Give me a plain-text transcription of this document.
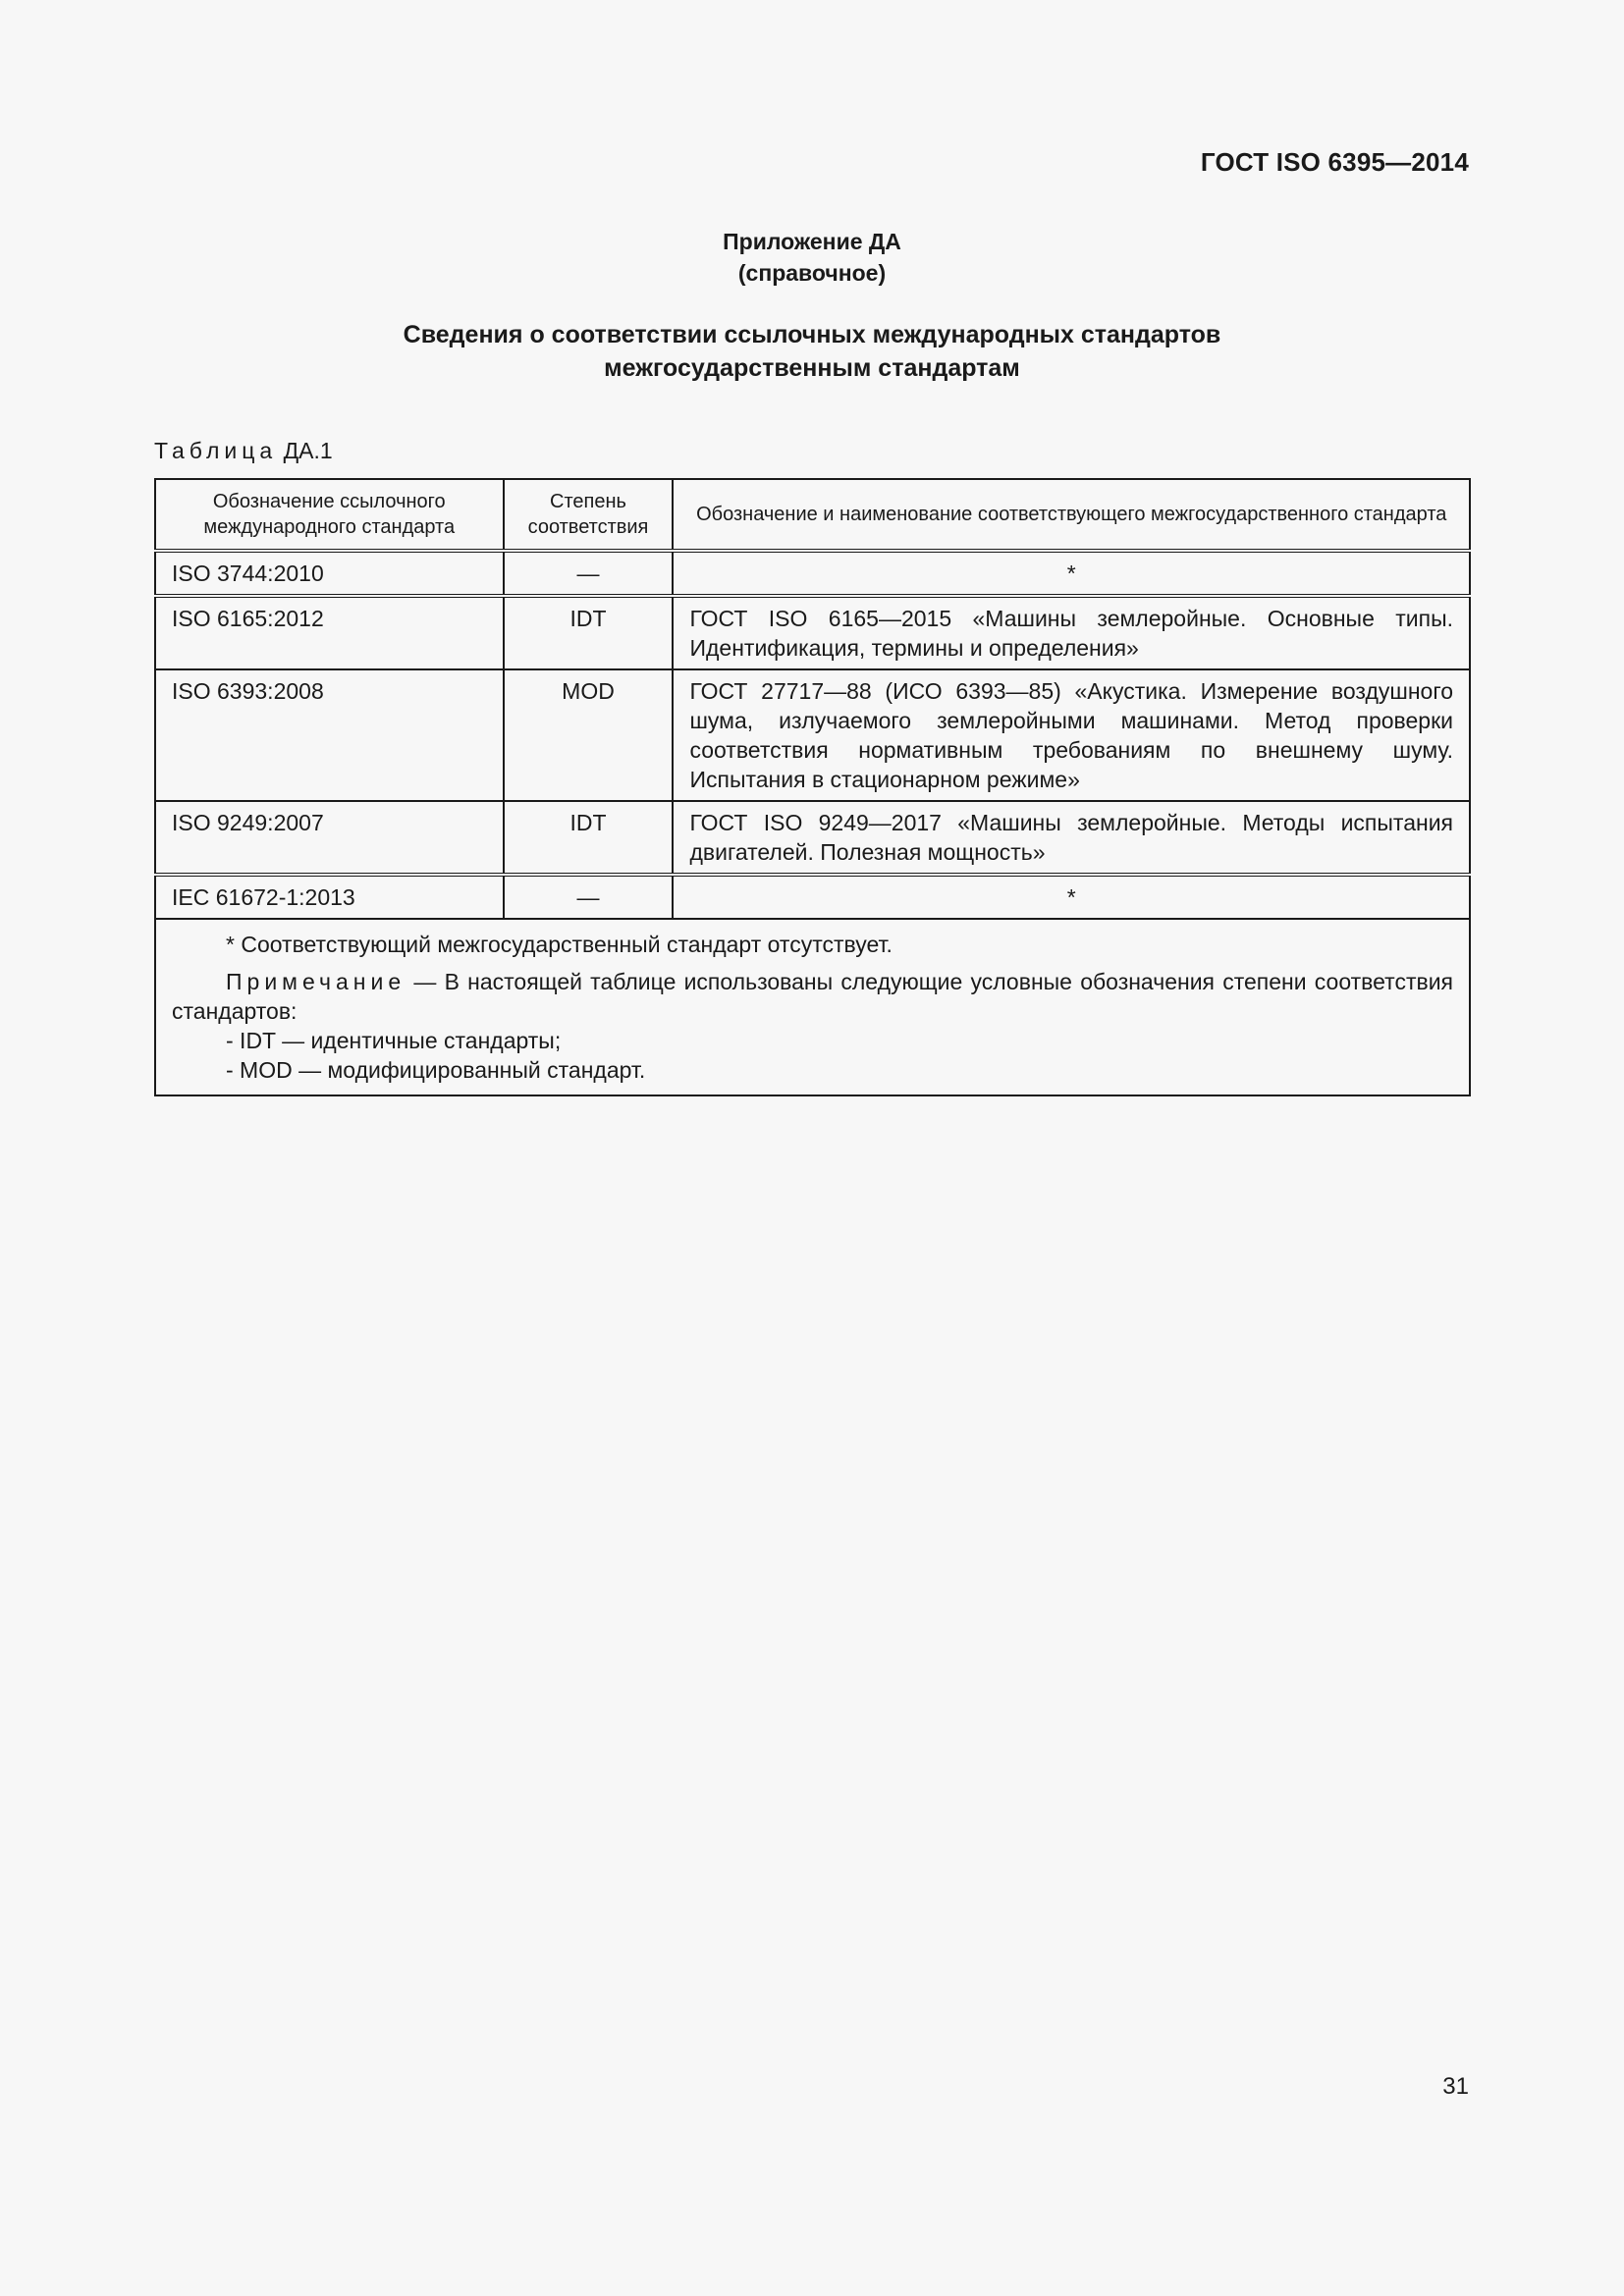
ГОСТ ISO 6395—2014
Приложение ДА
(справочное)
Сведения о соответствии ссылочных международных стандартов
межгосударственным стандартам
Таблица ДА.1
Обозначение ссылочного международного стандарта	Степень соответствия	Обозначение и наименование соответствующего межгосударственного стандарта
ISO 3744:2010	—	*
ISO 6165:2012	IDT	ГОСТ ISO 6165—2015 «Машины землеройные. Основные типы. Идентификация, термины и определения»
ISO 6393:2008	MOD	ГОСТ 27717—88 (ИСО 6393—85) «Акустика. Измерение воздушного шума, излучаемого землеройными машинами. Метод проверки соответствия нормативным требованиям по внешнему шуму. Испытания в стационарном режиме»
ISO 9249:2007	IDT	ГОСТ ISO 9249—2017 «Машины землеройные. Методы испытания двигателей. Полезная мощность»
IEC 61672-1:2013	—	*

* Соответствующий межгосударственный стандарт отсутствует.

Примечание — В настоящей таблице использованы следующие условные обозначения степени соответствия стандартов:

- IDT — идентичные стандарты;

- MOD — модифицированный стандарт.		

31
